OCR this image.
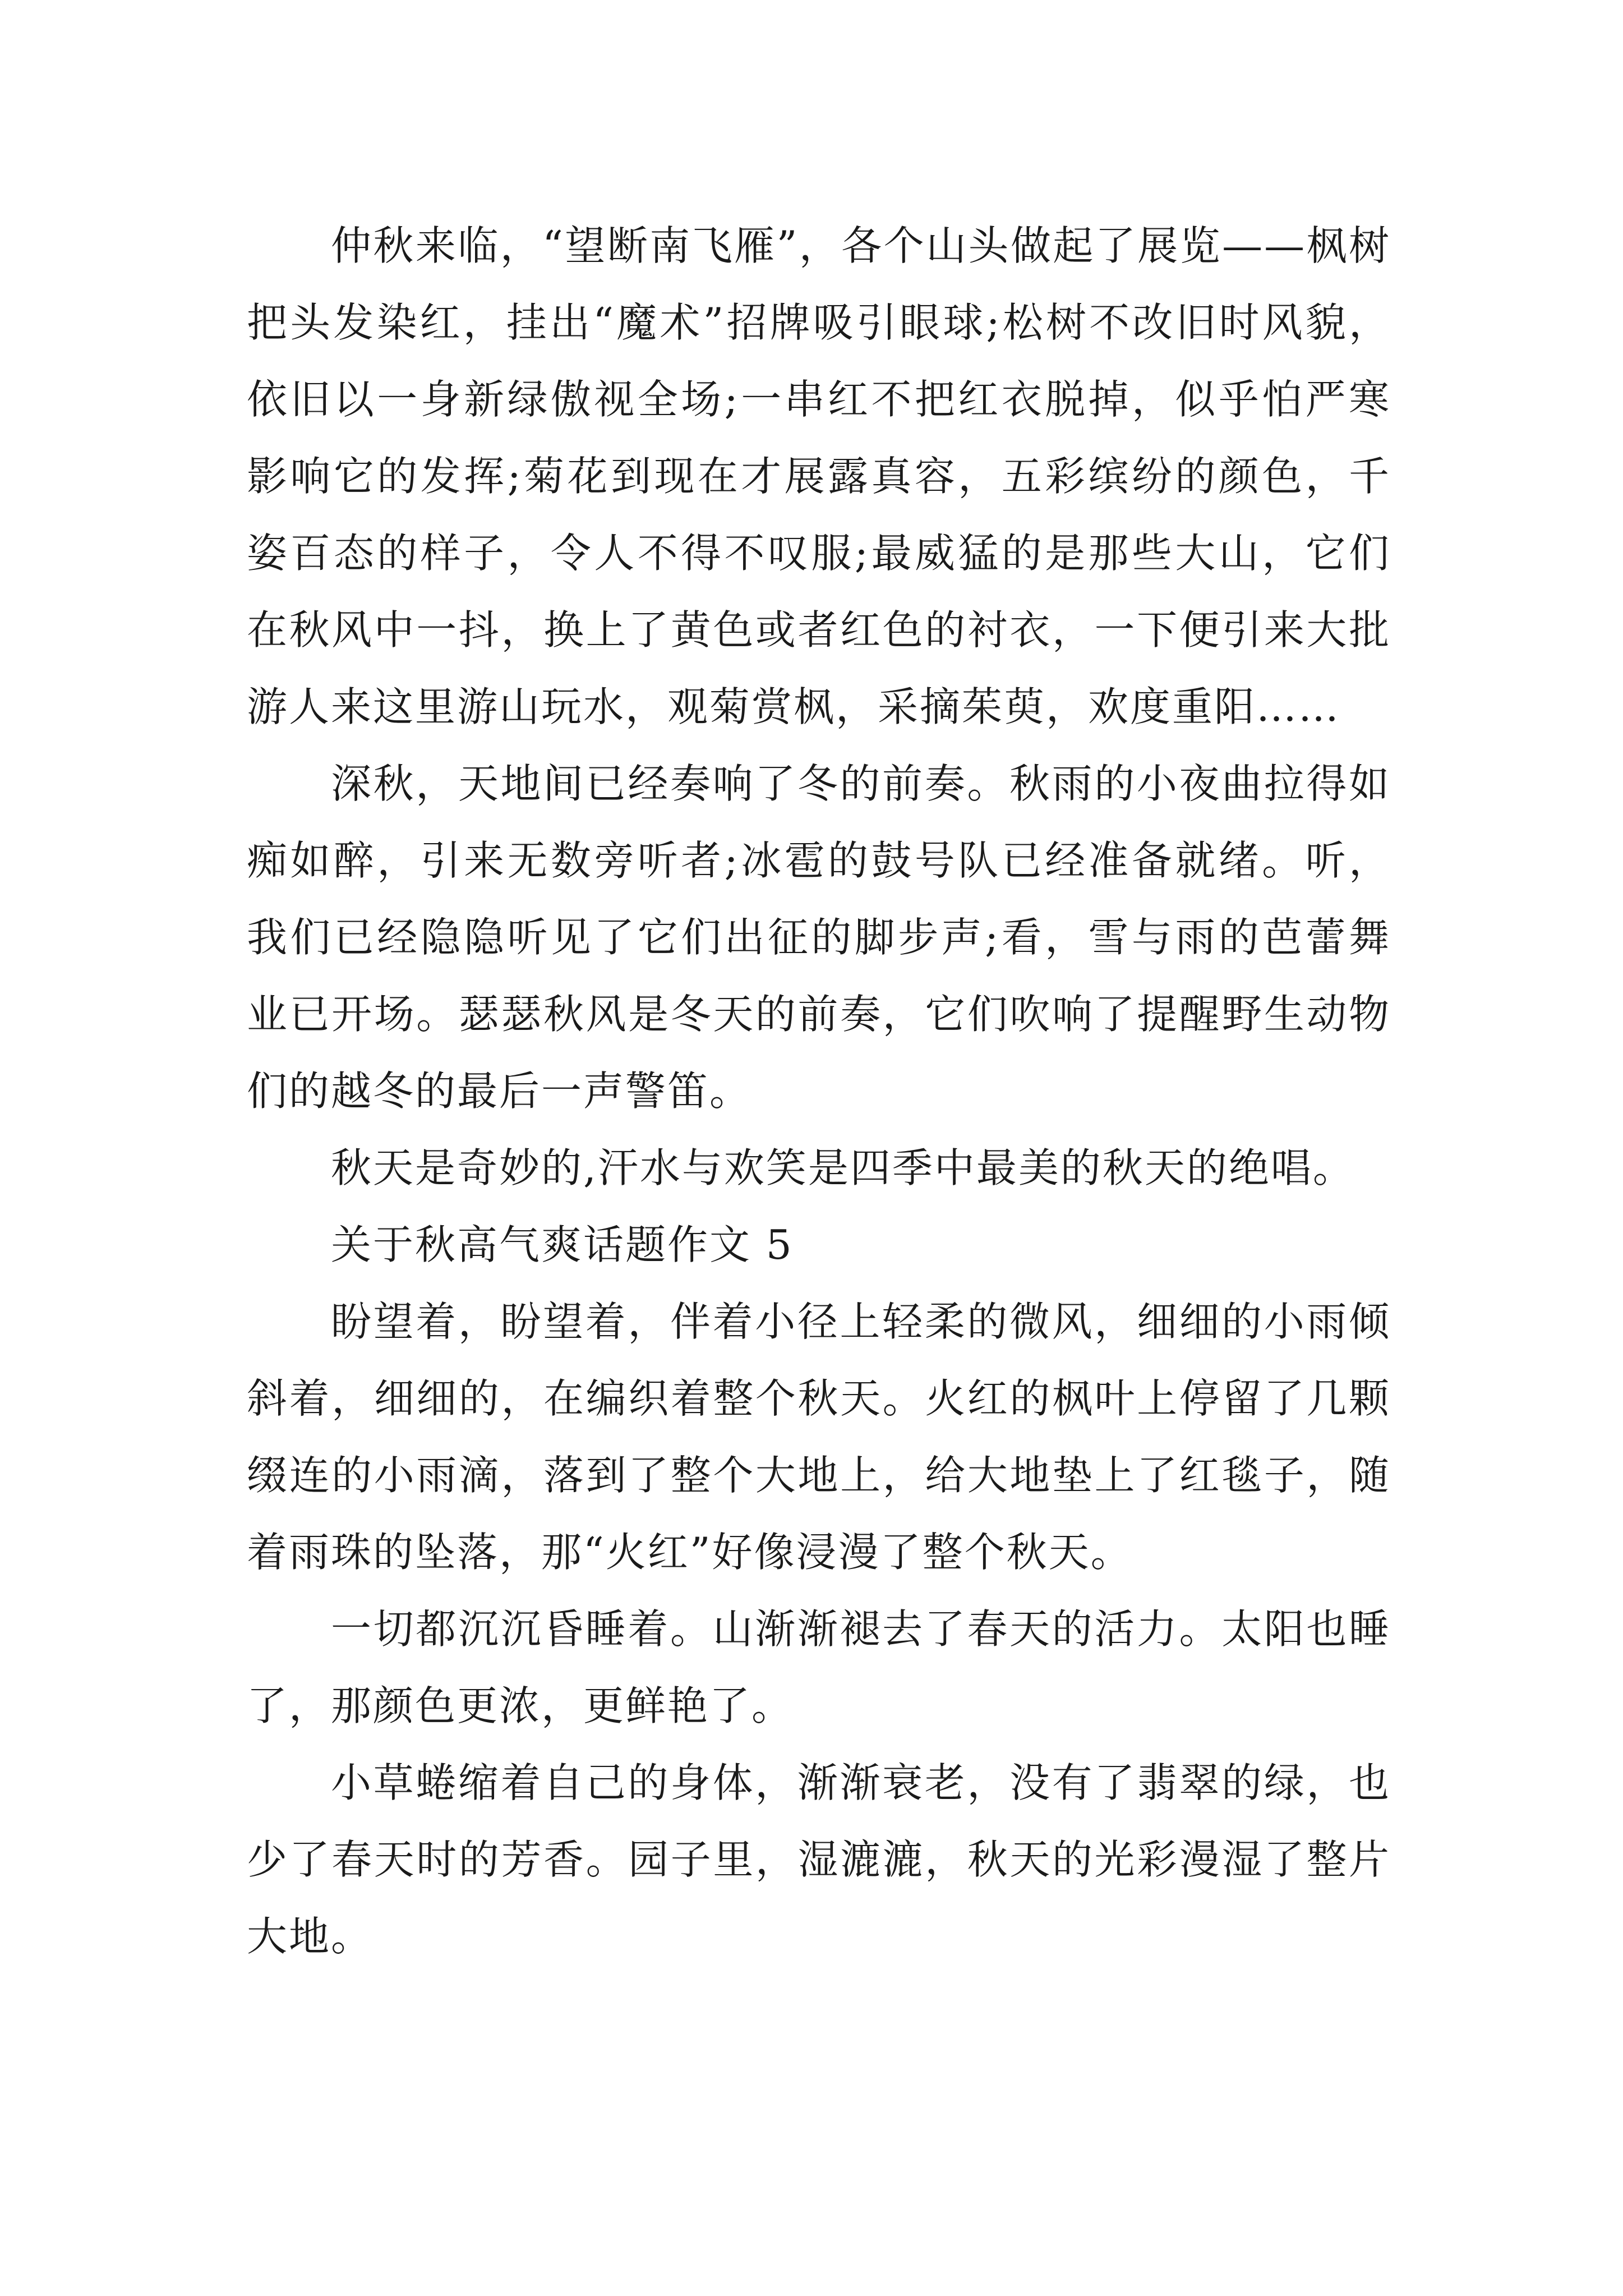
仲秋来临，“望断南飞雁”，各个山头做起了展览——枫树把头发染红，挂出“魔术”招牌吸引眼球;松树不改旧时风貌，依旧以一身新绿傲视全场;一串红不把红衣脱掉，似乎怕严寒影响它的发挥;菊花到现在才展露真容，五彩缤纷的颜色，千姿百态的样子，令人不得不叹服;最威猛的是那些大山，它们在秋风中一抖，换上了黄色或者红色的衬衣，一下便引来大批游人来这里游山玩水，观菊赏枫，采摘茱萸，欢度重阳……

深秋，天地间已经奏响了冬的前奏。秋雨的小夜曲拉得如痴如醉，引来无数旁听者;冰雹的鼓号队已经准备就绪。听，我们已经隐隐听见了它们出征的脚步声;看，雪与雨的芭蕾舞业已开场。瑟瑟秋风是冬天的前奏，它们吹响了提醒野生动物们的越冬的最后一声警笛。

秋天是奇妙的,汗水与欢笑是四季中最美的秋天的绝唱。

关于秋高气爽话题作文 5

盼望着，盼望着，伴着小径上轻柔的微风，细细的小雨倾斜着，细细的，在编织着整个秋天。火红的枫叶上停留了几颗缀连的小雨滴，落到了整个大地上，给大地垫上了红毯子，随着雨珠的坠落，那“火红”好像浸漫了整个秋天。

一切都沉沉昏睡着。山渐渐褪去了春天的活力。太阳也睡了，那颜色更浓，更鲜艳了。

小草蜷缩着自己的身体，渐渐衰老，没有了翡翠的绿，也少了春天时的芳香。园子里，湿漉漉，秋天的光彩漫湿了整片大地。
